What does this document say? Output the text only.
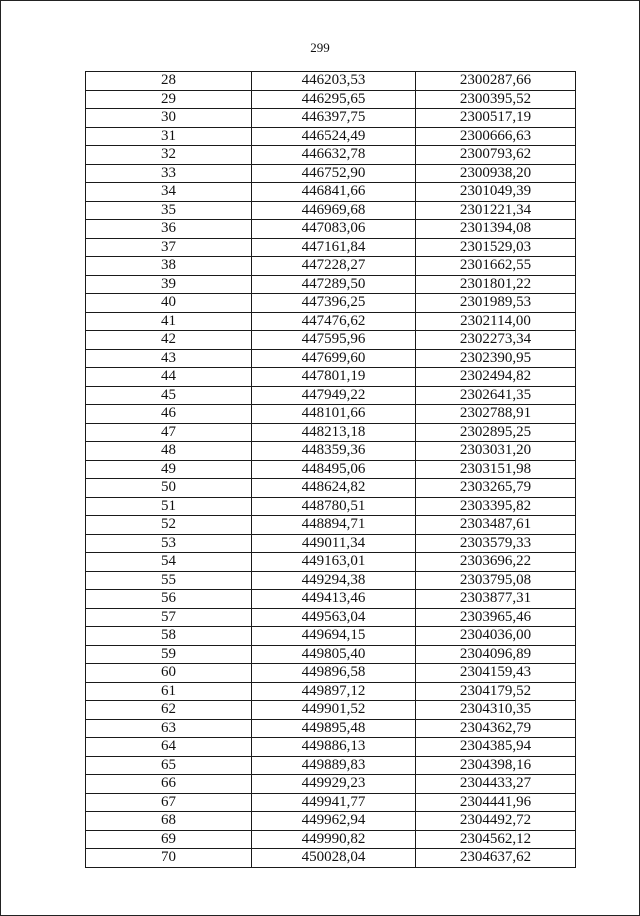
299
28	446203,53	2300287,66
29	446295,65	2300395,52
30	446397,75	2300517,19
31	446524,49	2300666,63
32	446632,78	2300793,62
33	446752,90	2300938,20
34	446841,66	2301049,39
35	446969,68	2301221,34
36	447083,06	2301394,08
37	447161,84	2301529,03
38	447228,27	2301662,55
39	447289,50	2301801,22
40	447396,25	2301989,53
41	447476,62	2302114,00
42	447595,96	2302273,34
43	447699,60	2302390,95
44	447801,19	2302494,82
45	447949,22	2302641,35
46	448101,66	2302788,91
47	448213,18	2302895,25
48	448359,36	2303031,20
49	448495,06	2303151,98
50	448624,82	2303265,79
51	448780,51	2303395,82
52	448894,71	2303487,61
53	449011,34	2303579,33
54	449163,01	2303696,22
55	449294,38	2303795,08
56	449413,46	2303877,31
57	449563,04	2303965,46
58	449694,15	2304036,00
59	449805,40	2304096,89
60	449896,58	2304159,43
61	449897,12	2304179,52
62	449901,52	2304310,35
63	449895,48	2304362,79
64	449886,13	2304385,94
65	449889,83	2304398,16
66	449929,23	2304433,27
67	449941,77	2304441,96
68	449962,94	2304492,72
69	449990,82	2304562,12
70	450028,04	2304637,62
